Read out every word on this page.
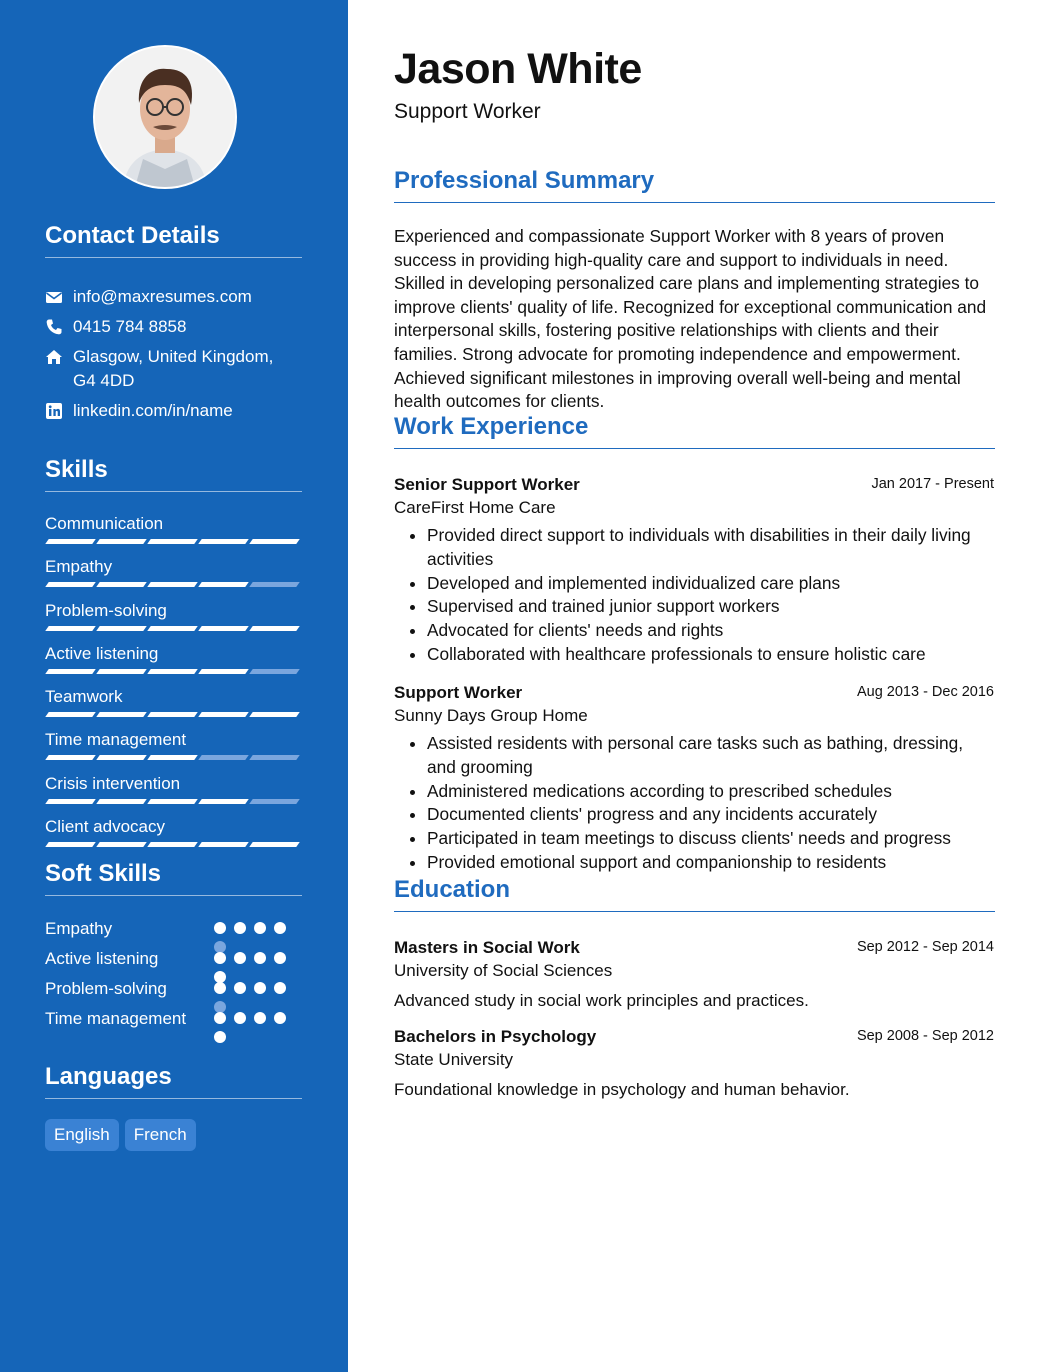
Contact Details
info@maxresumes.com
0415 784 8858
Glasgow, United Kingdom, G4 4DD
linkedin.com/in/name
Skills
Communication
Empathy
Problem-solving
Active listening
Teamwork
Time management
Crisis intervention
Client advocacy
Soft Skills
Empathy
Active listening
Problem-solving
Time management
Languages
English	French
Jason White
Support Worker
Professional Summary
Experienced and compassionate Support Worker with 8 years of proven success in providing high-quality care and support to individuals in need. Skilled in developing personalized care plans and implementing strategies to improve clients' quality of life. Recognized for exceptional communication and interpersonal skills, fostering positive relationships with clients and their families. Strong advocate for promoting independence and empowerment. Achieved significant milestones in improving overall well-being and mental health outcomes for clients.
Work Experience
Senior Support Worker	Jan 2017 - Present
CareFirst Home Care
• Provided direct support to individuals with disabilities in their daily living activities
• Developed and implemented individualized care plans
• Supervised and trained junior support workers
• Advocated for clients' needs and rights
• Collaborated with healthcare professionals to ensure holistic care
Support Worker	Aug 2013 - Dec 2016
Sunny Days Group Home
• Assisted residents with personal care tasks such as bathing, dressing, and grooming
• Administered medications according to prescribed schedules
• Documented clients' progress and any incidents accurately
• Participated in team meetings to discuss clients' needs and progress
• Provided emotional support and companionship to residents
Education
Masters in Social Work	Sep 2012 - Sep 2014
University of Social Sciences
Advanced study in social work principles and practices.
Bachelors in Psychology	Sep 2008 - Sep 2012
State University
Foundational knowledge in psychology and human behavior.
